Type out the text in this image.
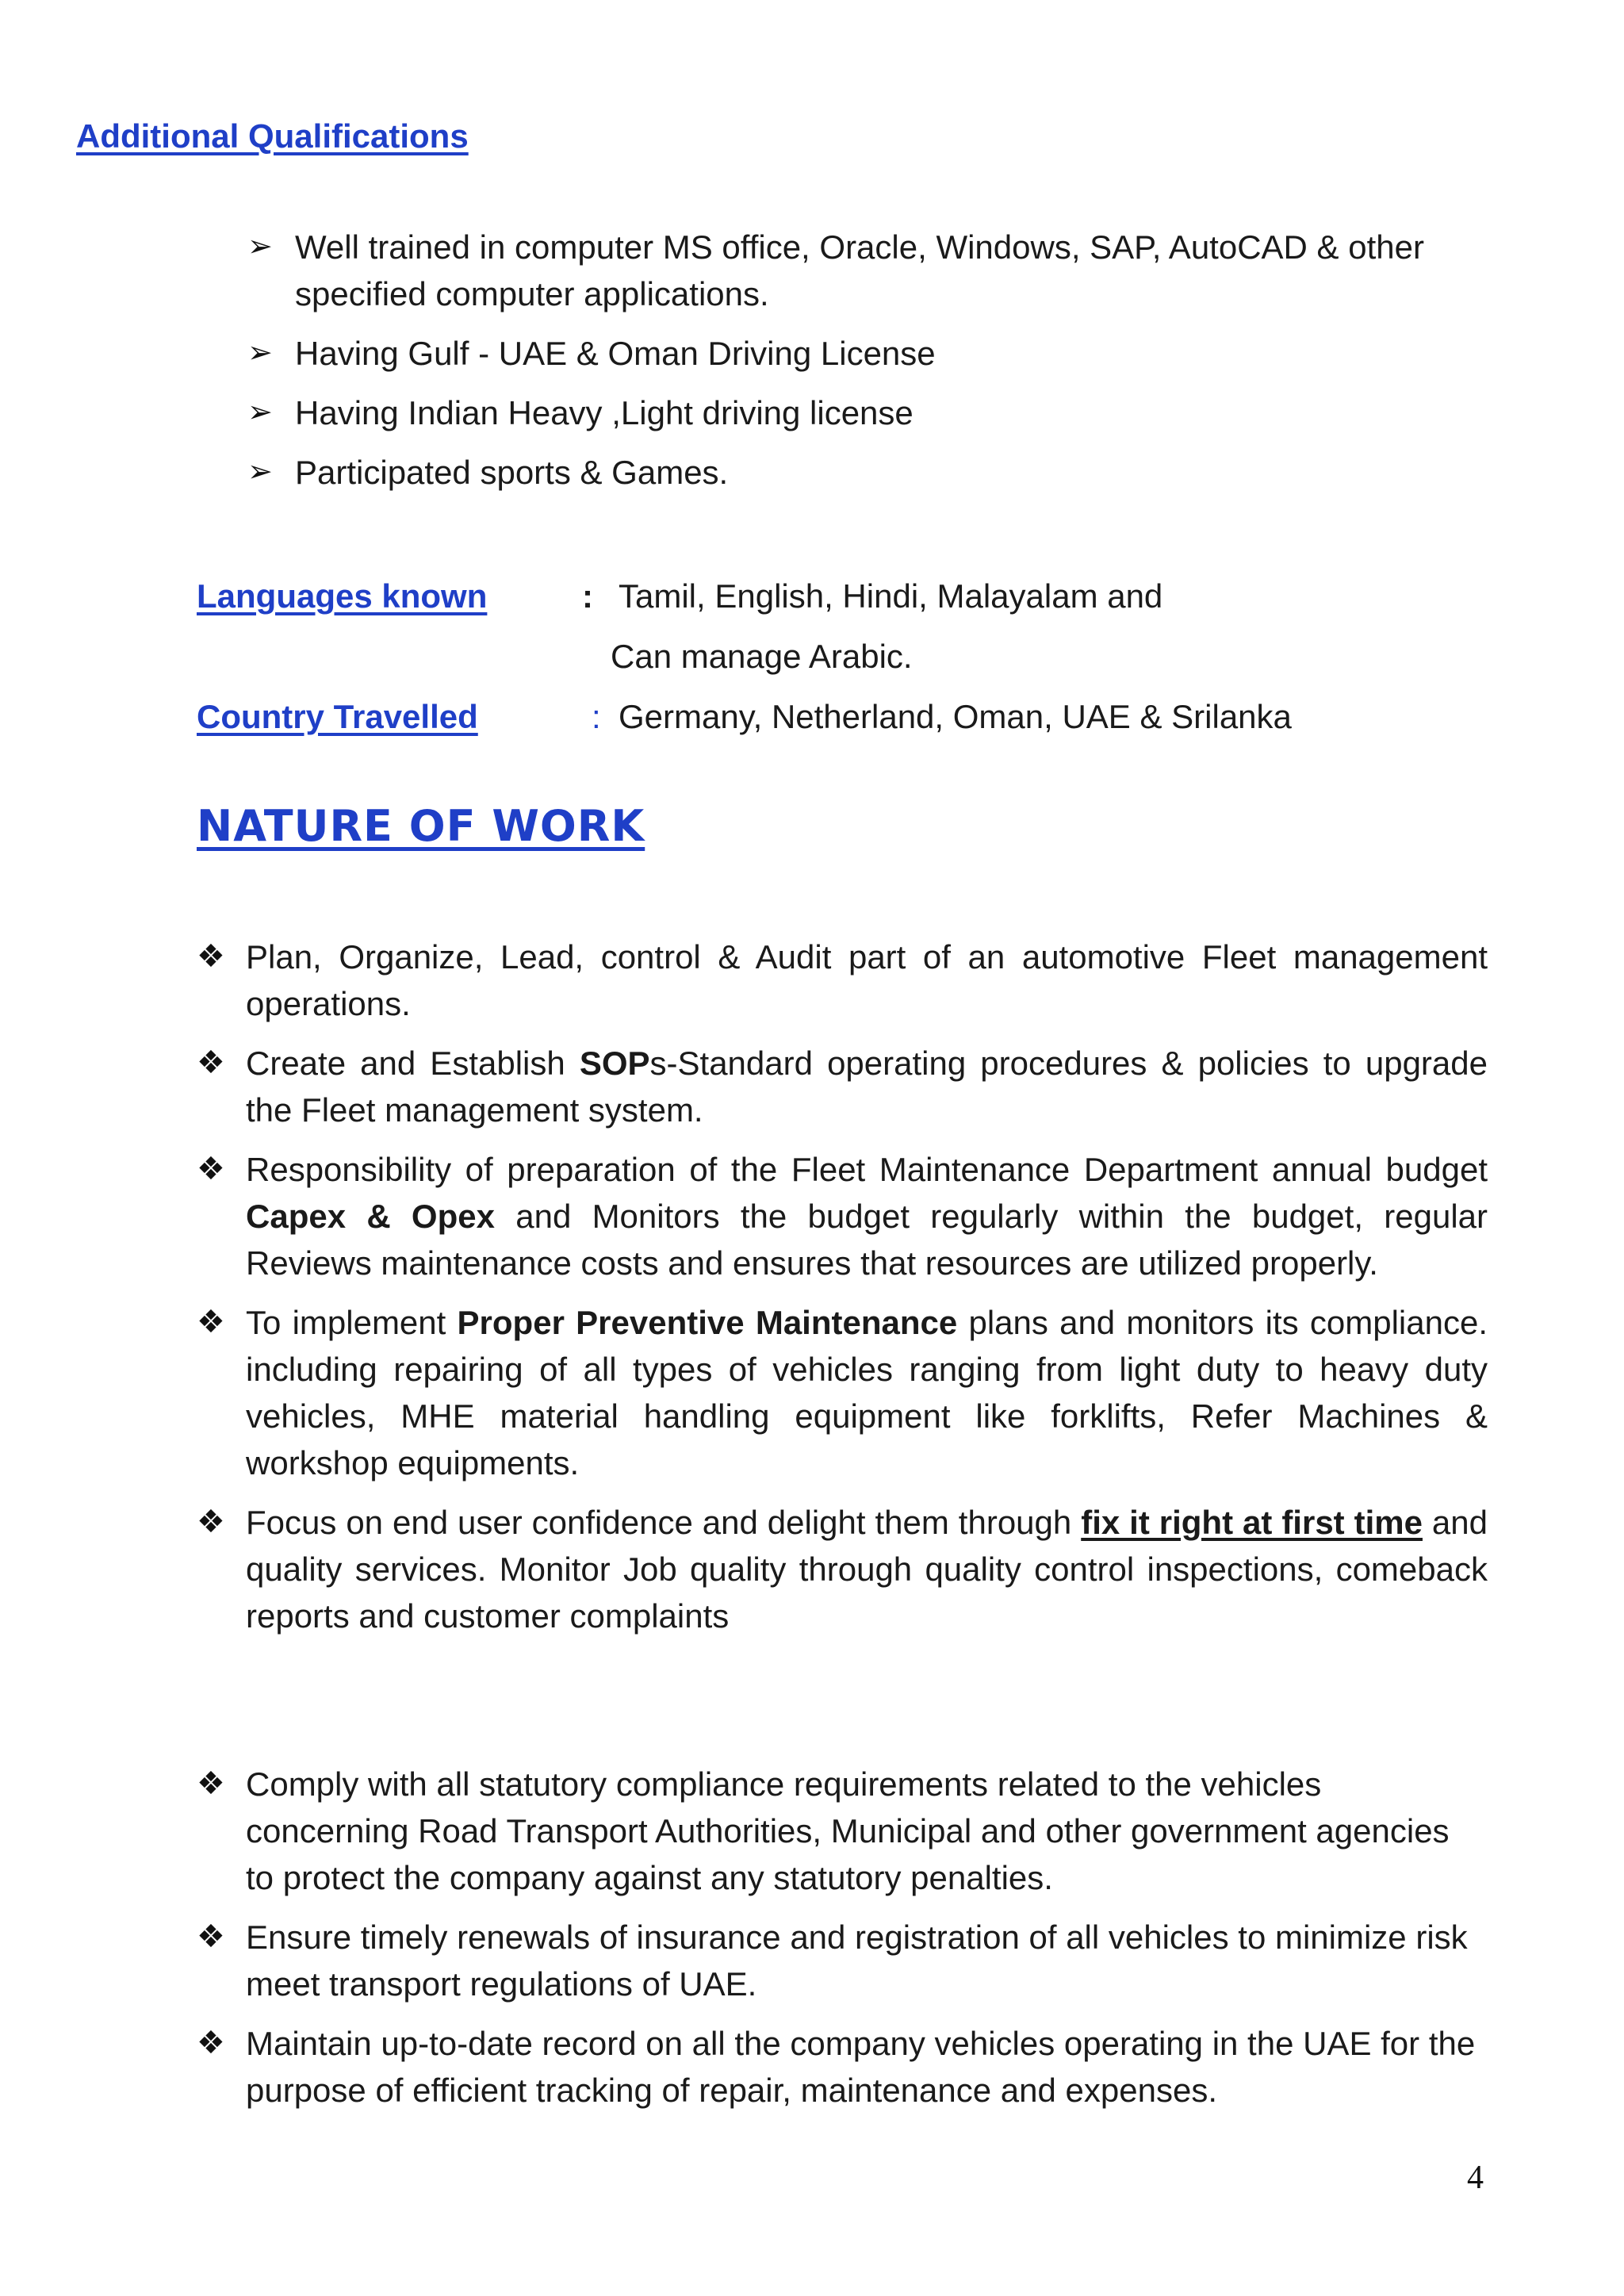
Additional Qualifications
➢ Well trained in computer MS office, Oracle, Windows, SAP, AutoCAD & other specified computer applications.
➢ Having Gulf - UAE & Oman Driving License
➢ Having Indian Heavy ,Light driving license
➢ Participated sports & Games.
Languages known	: Tamil, English, Hindi, Malayalam and
Can manage Arabic.
Country Travelled	: Germany, Netherland, Oman, UAE & Srilanka
NATURE OF WORK
❖ Plan, Organize, Lead, control & Audit part of an automotive Fleet management operations.
❖ Create and Establish SOPs-Standard operating procedures & policies to upgrade the Fleet management system.
❖ Responsibility of preparation of the Fleet Maintenance Department annual budget Capex & Opex and Monitors the budget regularly within the budget, regular Reviews maintenance costs and ensures that resources are utilized properly.
❖ To implement Proper Preventive Maintenance plans and monitors its compliance. including repairing of all types of vehicles ranging from light duty to heavy duty vehicles, MHE material handling equipment like forklifts, Refer Machines & workshop equipments.
❖ Focus on end user confidence and delight them through fix it right at first time and quality services. Monitor Job quality through quality control inspections, comeback reports and customer complaints
❖ Comply with all statutory compliance requirements related to the vehicles concerning Road Transport Authorities, Municipal and other government agencies to protect the company against any statutory penalties.
❖ Ensure timely renewals of insurance and registration of all vehicles to minimize risk meet transport regulations of UAE.
❖ Maintain up-to-date record on all the company vehicles operating in the UAE for the purpose of efficient tracking of repair, maintenance and expenses.
4
